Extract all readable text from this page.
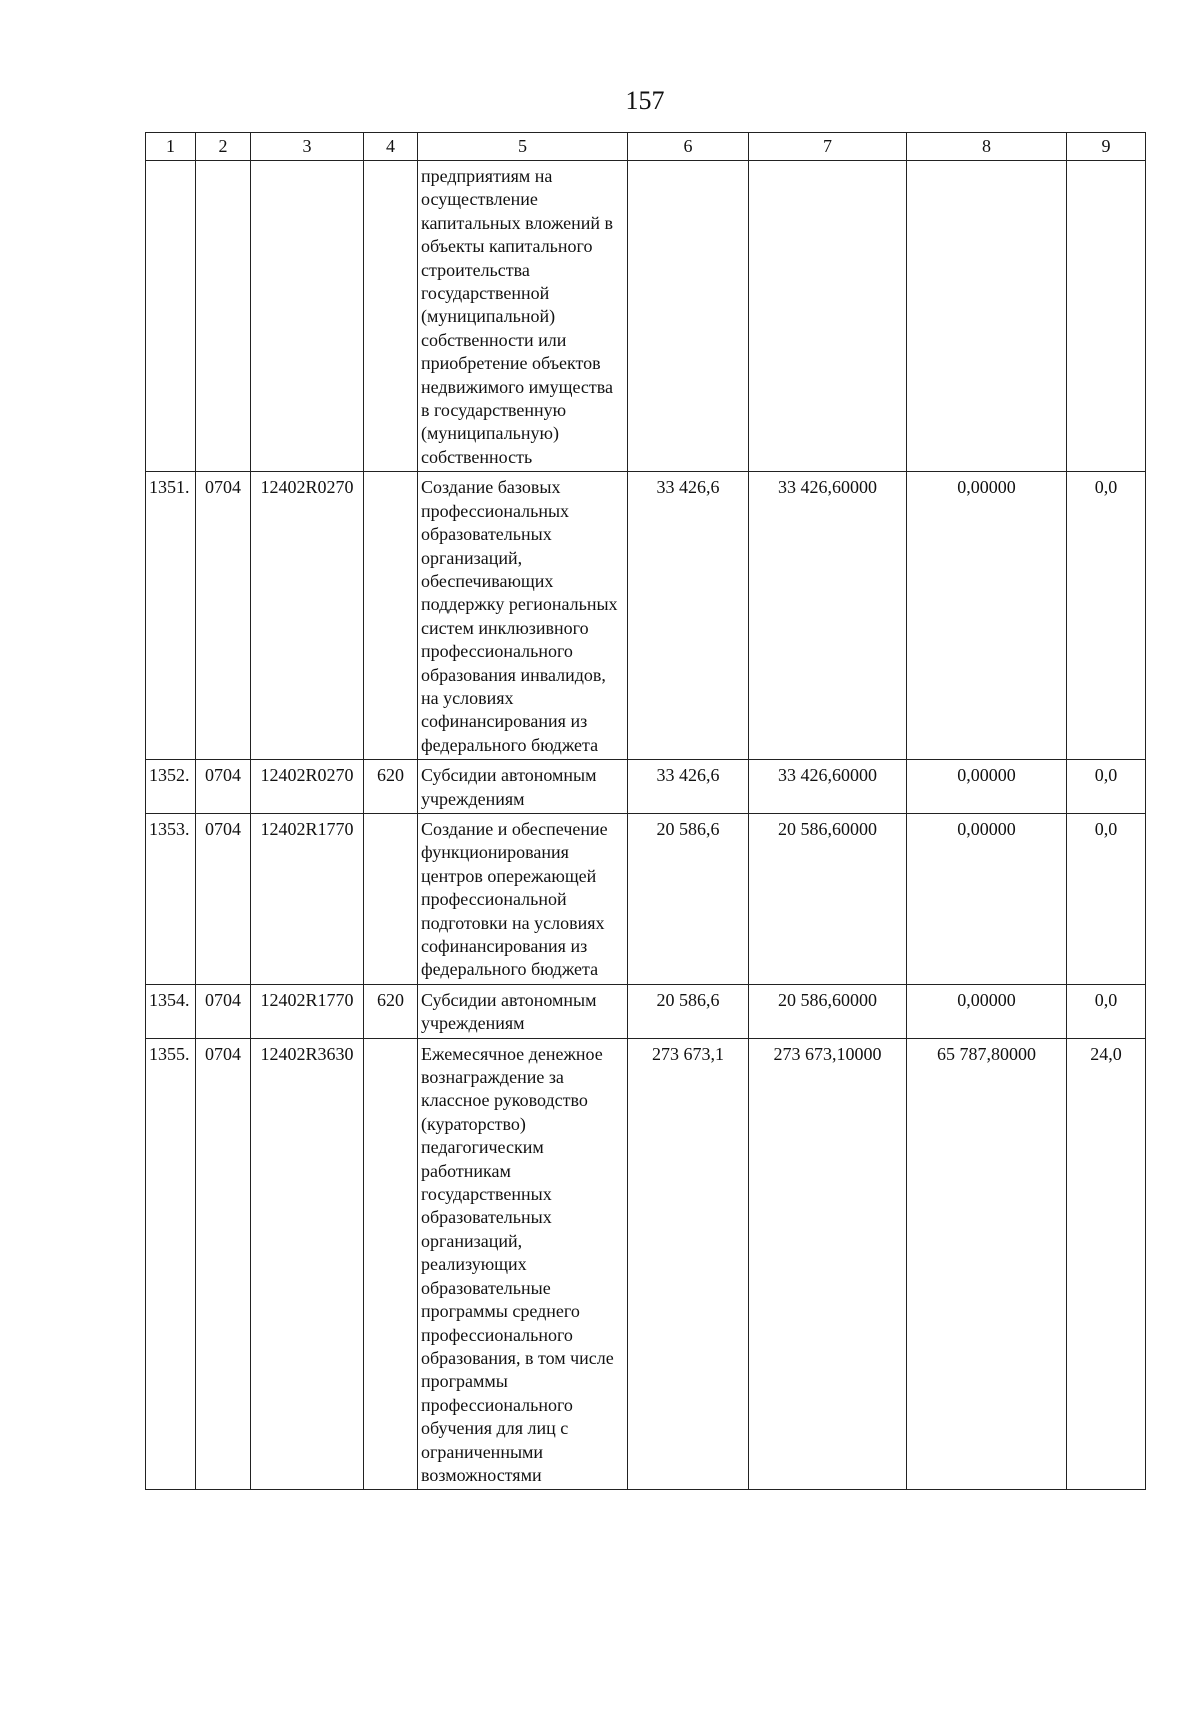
157
1	2	3	4	5	6	7	8	9
				предприятиям на осуществление капитальных вложений в объекты капитального строительства государственной (муниципальной) собственности или приобретение объектов недвижимого имущества в государственную (муниципальную) собственность				
1351.	0704	12402R0270		Создание базовых профессиональных образовательных организаций, обеспечивающих поддержку региональных систем инклюзивного профессионального образования инвалидов, на условиях софинансирования из федерального бюджета	33 426,6	33 426,60000	0,00000	0,0
1352.	0704	12402R0270	620	Субсидии автономным учреждениям	33 426,6	33 426,60000	0,00000	0,0
1353.	0704	12402R1770		Создание и обеспечение функционирования центров опережающей профессиональной подготовки на условиях софинансирования из федерального бюджета	20 586,6	20 586,60000	0,00000	0,0
1354.	0704	12402R1770	620	Субсидии автономным учреждениям	20 586,6	20 586,60000	0,00000	0,0
1355.	0704	12402R3630		Ежемесячное денежное вознаграждение за классное руководство (кураторство) педагогическим работникам государственных образовательных организаций, реализующих образовательные программы среднего профессионального образования, в том числе программы профессионального обучения для лиц с ограниченными возможностями	273 673,1	273 673,10000	65 787,80000	24,0
